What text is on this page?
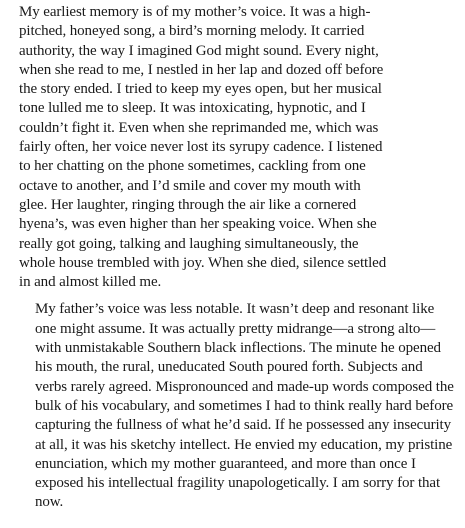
My earliest memory is of my mother’s voice. It was a high-
pitched, honeyed song, a bird’s morning melody. It carried
authority, the way I imagined God might sound. Every night,
when she read to me, I nestled in her lap and dozed off before
the story ended. I tried to keep my eyes open, but her musical
tone lulled me to sleep. It was intoxicating, hypnotic, and I
couldn’t fight it. Even when she reprimanded me, which was
fairly often, her voice never lost its syrupy cadence. I listened
to her chatting on the phone sometimes, cackling from one
octave to another, and I’d smile and cover my mouth with
glee. Her laughter, ringing through the air like a cornered
hyena’s, was even higher than her speaking voice. When she
really got going, talking and laughing simultaneously, the
whole house trembled with joy. When she died, silence settled
in and almost killed me.

My father’s voice was less notable. It wasn’t deep and resonant like one might assume. It was actually pretty midrange—a strong alto—with unmistakable Southern black inflections. The minute he opened his mouth, the rural, uneducated South poured forth. Subjects and verbs rarely agreed. Mispronounced and made-up words composed the bulk of his vocabulary, and sometimes I had to think really hard before capturing the fullness of what he’d said. If he possessed any insecurity at all, it was his sketchy intellect. He envied my education, my pristine enunciation, which my mother guaranteed, and more than once I exposed his intellectual fragility unapologetically. I am sorry for that now.
